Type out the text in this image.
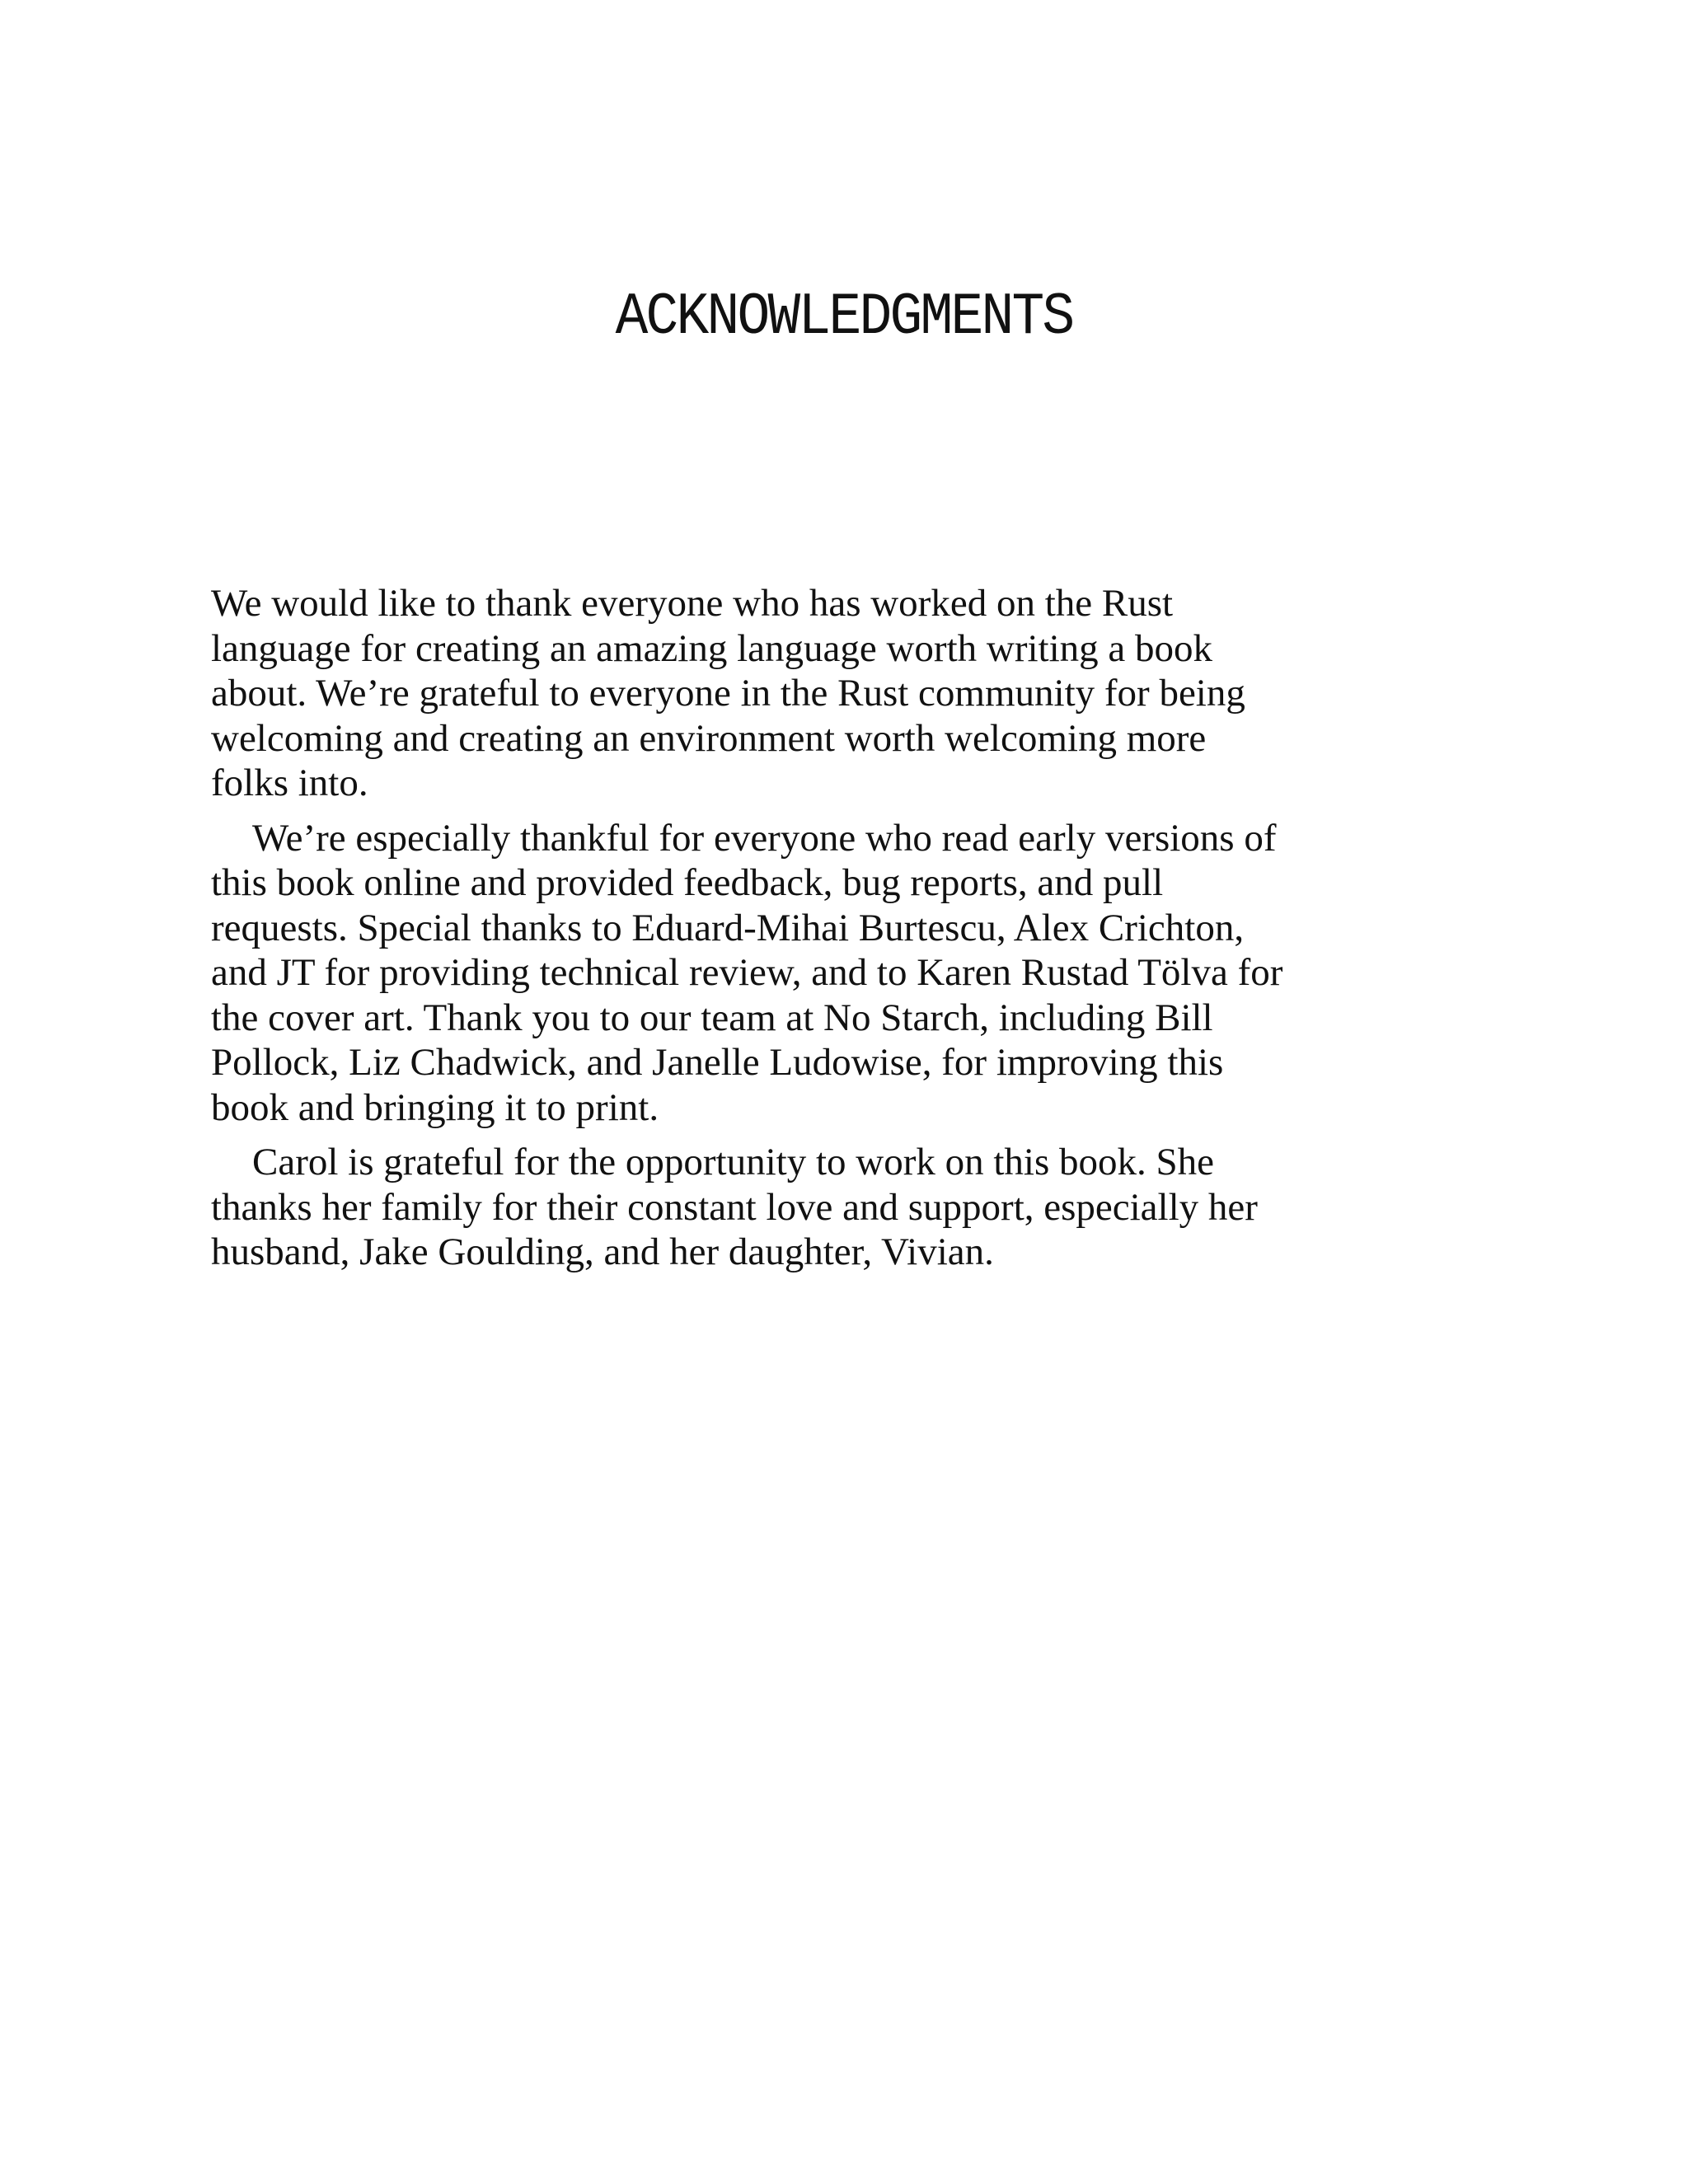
ACKNOWLEDGMENTS

We would like to thank everyone who has worked on the Rust
language for creating an amazing language worth writing a book
about. We’re grateful to everyone in the Rust community for being
welcoming and creating an environment worth welcoming more
folks into.

We’re especially thankful for everyone who read early versions of
this book online and provided feedback, bug reports, and pull
requests. Special thanks to Eduard-Mihai Burtescu, Alex Crichton,
and JT for providing technical review, and to Karen Rustad Tölva for
the cover art. Thank you to our team at No Starch, including Bill
Pollock, Liz Chadwick, and Janelle Ludowise, for improving this
book and bringing it to print.

Carol is grateful for the opportunity to work on this book. She
thanks her family for their constant love and support, especially her
husband, Jake Goulding, and her daughter, Vivian.
